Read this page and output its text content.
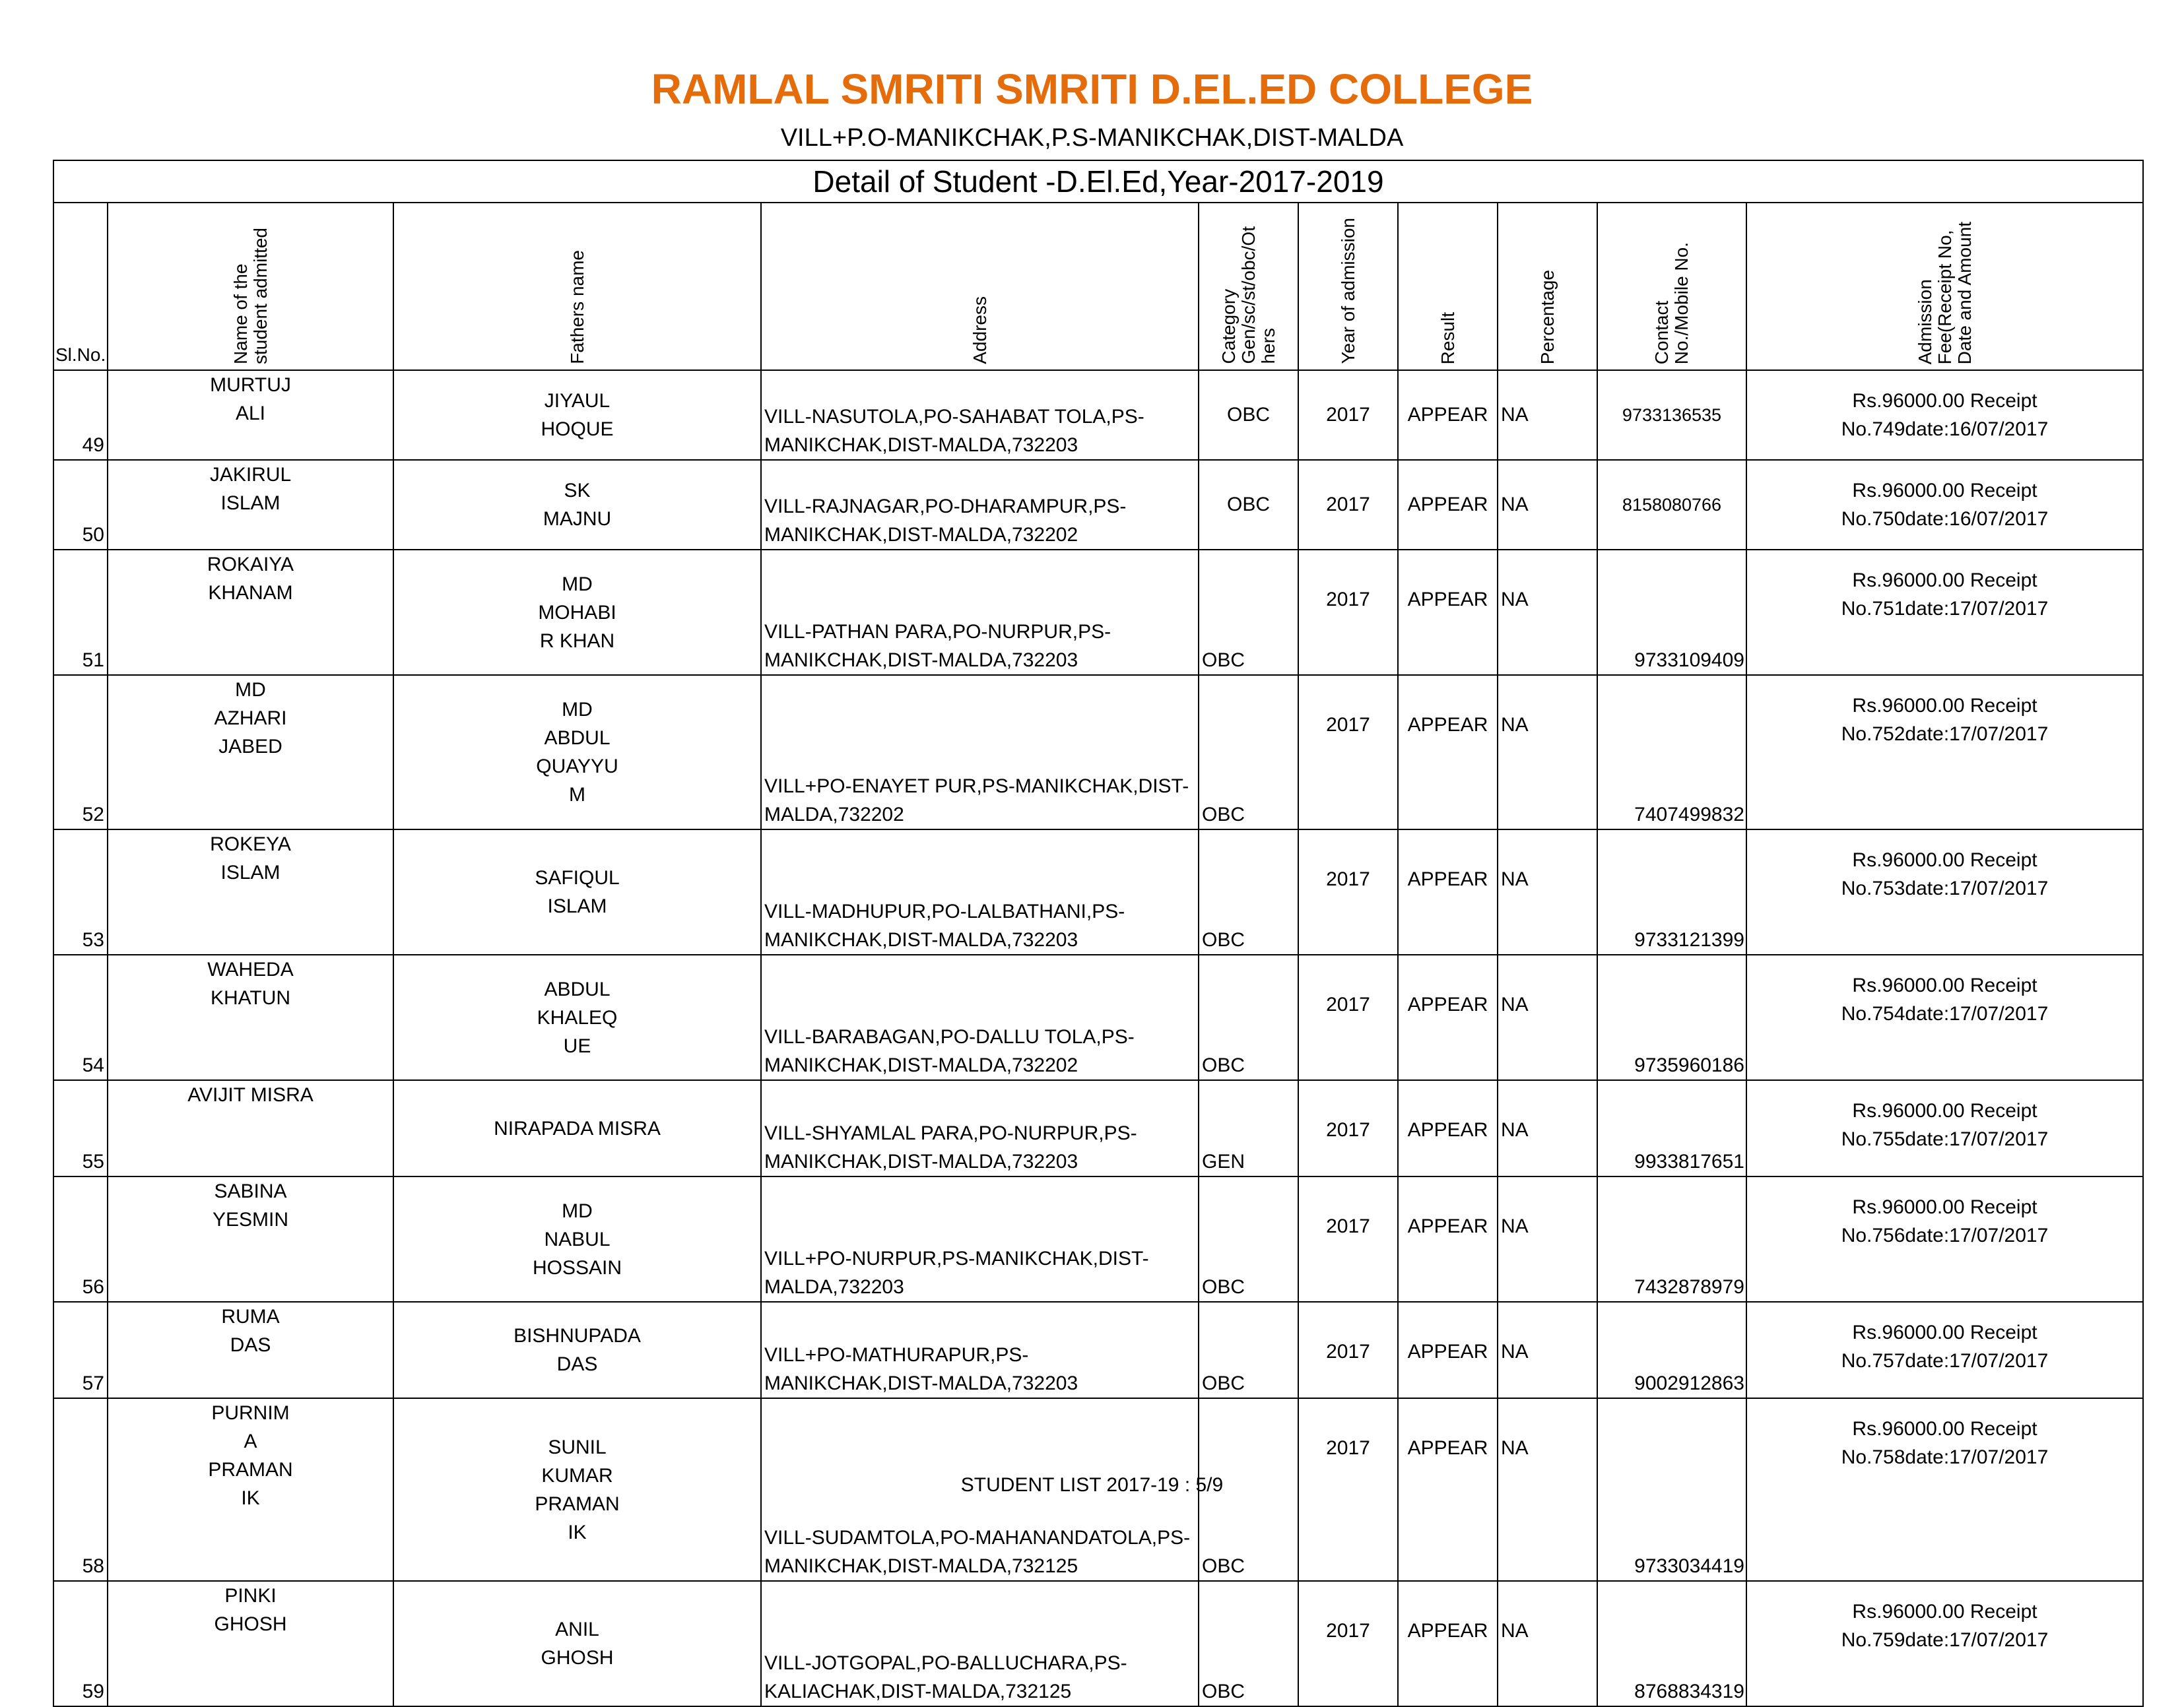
RAMLAL SMRITI SMRITI D.EL.ED COLLEGE
VILL+P.O-MANIKCHAK,P.S-MANIKCHAK,DIST-MALDA
Detail of Student -D.El.Ed,Year-2017-2019									

Sl.No.	Name of the
student admitted	Fathers name	Address	Category
Gen/sc/st/obc/Ot
hers	Year of admission	Result	Percentage	Contact
No./Mobile No.	Admission
Fee(Receipt No,
Date and Amount

49	MURTUJ
ALI	JIYAUL
HOQUE	VILL-NASUTOLA,PO-SAHABAT TOLA,PS-MANIKCHAK,DIST-MALDA,732203	OBC	2017	APPEAR	NA	9733136535	Rs.96000.00 Receipt
No.749date:16/07/2017
50	JAKIRUL
ISLAM	SK
MAJNU	VILL-RAJNAGAR,PO-DHARAMPUR,PS-MANIKCHAK,DIST-MALDA,732202	OBC	2017	APPEAR	NA	8158080766	Rs.96000.00 Receipt
No.750date:16/07/2017
51	ROKAIYA
KHANAM	MD
MOHABI
R KHAN	VILL-PATHAN PARA,PO-NURPUR,PS-MANIKCHAK,DIST-MALDA,732203	OBC	2017	APPEAR	NA	9733109409	Rs.96000.00 Receipt
No.751date:17/07/2017
52	MD
AZHARI
JABED	MD
ABDUL
QUAYYU
M	VILL+PO-ENAYET PUR,PS-MANIKCHAK,DIST-MALDA,732202	OBC	2017	APPEAR	NA	7407499832	Rs.96000.00 Receipt
No.752date:17/07/2017
53	ROKEYA
ISLAM	SAFIQUL
ISLAM	VILL-MADHUPUR,PO-LALBATHANI,PS-MANIKCHAK,DIST-MALDA,732203	OBC	2017	APPEAR	NA	9733121399	Rs.96000.00 Receipt
No.753date:17/07/2017
54	WAHEDA
KHATUN	ABDUL
KHALEQ
UE	VILL-BARABAGAN,PO-DALLU TOLA,PS-MANIKCHAK,DIST-MALDA,732202	OBC	2017	APPEAR	NA	9735960186	Rs.96000.00 Receipt
No.754date:17/07/2017
55	AVIJIT MISRA	NIRAPADA MISRA	VILL-SHYAMLAL PARA,PO-NURPUR,PS-MANIKCHAK,DIST-MALDA,732203	GEN	2017	APPEAR	NA	9933817651	Rs.96000.00 Receipt
No.755date:17/07/2017
56	SABINA
YESMIN	MD
NABUL
HOSSAIN	VILL+PO-NURPUR,PS-MANIKCHAK,DIST-MALDA,732203	OBC	2017	APPEAR	NA	7432878979	Rs.96000.00 Receipt
No.756date:17/07/2017
57	RUMA
DAS	BISHNUPADA
DAS	VILL+PO-MATHURAPUR,PS-MANIKCHAK,DIST-MALDA,732203	OBC	2017	APPEAR	NA	9002912863	Rs.96000.00 Receipt
No.757date:17/07/2017
58	PURNIM
A
PRAMAN
IK	SUNIL
KUMAR
PRAMAN
IK	VILL-SUDAMTOLA,PO-MAHANANDATOLA,PS-MANIKCHAK,DIST-MALDA,732125	OBC	2017	APPEAR	NA	9733034419	Rs.96000.00 Receipt
No.758date:17/07/2017
59	PINKI
GHOSH	ANIL
GHOSH	VILL-JOTGOPAL,PO-BALLUCHARA,PS-KALIACHAK,DIST-MALDA,732125	OBC	2017	APPEAR	NA	8768834319	Rs.96000.00 Receipt
No.759date:17/07/2017
STUDENT LIST 2017-19 : 5/9
